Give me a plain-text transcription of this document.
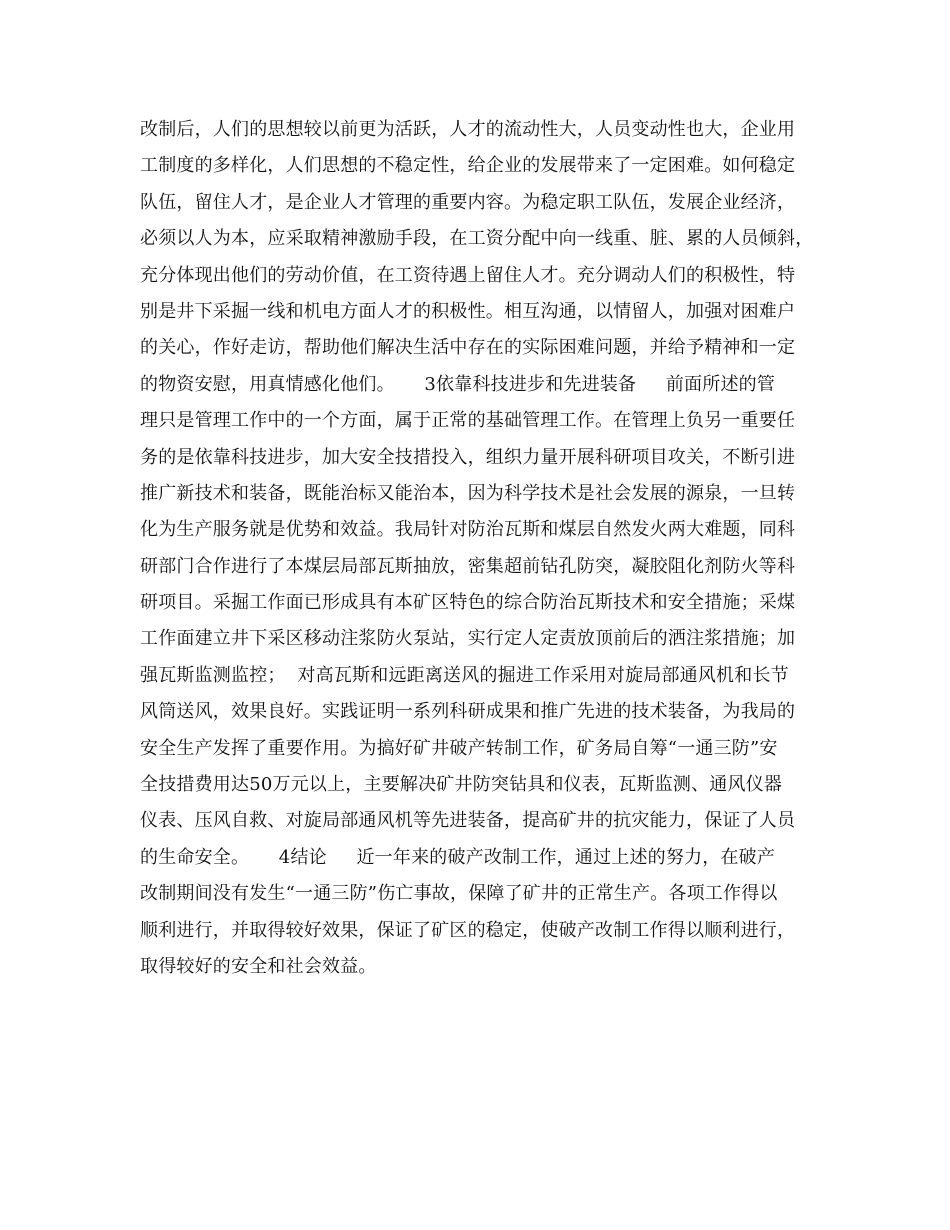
改制后，人们的思想较以前更为活跃，人才的流动性大，人员变动性也大，企业用
工制度的多样化，人们思想的不稳定性，给企业的发展带来了一定困难。如何稳定
队伍，留住人才，是企业人才管理的重要内容。为稳定职工队伍，发展企业经济，
必须以人为本，应采取精神激励手段，在工资分配中向一线重、脏、累的人员倾斜，
充分体现出他们的劳动价值，在工资待遇上留住人才。充分调动人们的积极性，特
别是井下采掘一线和机电方面人才的积极性。相互沟通，以情留人，加强对困难户
的关心，作好走访，帮助他们解决生活中存在的实际困难问题，并给予精神和一定
的物资安慰，用真情感化他们。     3依靠科技进步和先进装备     前面所述的管
理只是管理工作中的一个方面，属于正常的基础管理工作。在管理上负另一重要任
务的是依靠科技进步，加大安全技措投入，组织力量开展科研项目攻关，不断引进
推广新技术和装备，既能治标又能治本，因为科学技术是社会发展的源泉，一旦转
化为生产服务就是优势和效益。我局针对防治瓦斯和煤层自然发火两大难题，同科
研部门合作进行了本煤层局部瓦斯抽放，密集超前钻孔防突，凝胶阻化剂防火等科
研项目。采掘工作面已形成具有本矿区特色的综合防治瓦斯技术和安全措施；采煤
工作面建立井下采区移动注浆防火泵站，实行定人定责放顶前后的洒注浆措施；加
强瓦斯监测监控；  对高瓦斯和远距离送风的掘进工作采用对旋局部通风机和长节
风筒送风，效果良好。实践证明一系列科研成果和推广先进的技术装备，为我局的
安全生产发挥了重要作用。为搞好矿井破产转制工作，矿务局自筹“一通三防”安
全技措费用达50万元以上，主要解决矿井防突钻具和仪表，瓦斯监测、通风仪器
仪表、压风自救、对旋局部通风机等先进装备，提高矿井的抗灾能力，保证了人员
的生命安全。     4结论     近一年来的破产改制工作，通过上述的努力，在破产
改制期间没有发生“一通三防”伤亡事故，保障了矿井的正常生产。各项工作得以
顺利进行，并取得较好效果，保证了矿区的稳定，使破产改制工作得以顺利进行，
取得较好的安全和社会效益。
